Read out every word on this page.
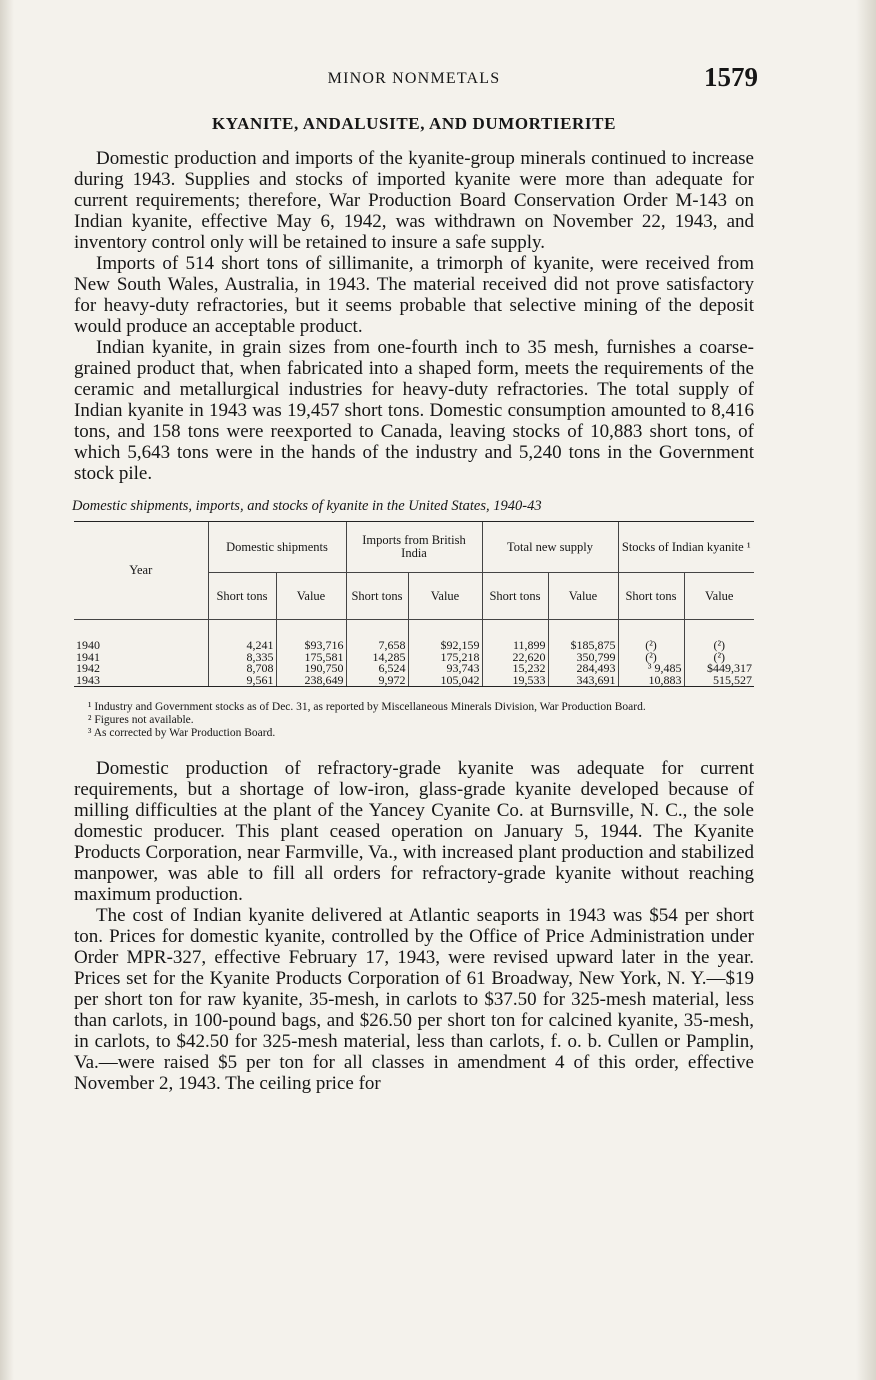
MINOR NONMETALS	1579
KYANITE, ANDALUSITE, AND DUMORTIERITE

Domestic production and imports of the kyanite-group minerals continued to increase during 1943. Supplies and stocks of imported kyanite were more than adequate for current requirements; therefore, War Production Board Conservation Order M-143 on Indian kyanite, effective May 6, 1942, was withdrawn on November 22, 1943, and inventory control only will be retained to insure a safe supply.

Imports of 514 short tons of sillimanite, a trimorph of kyanite, were received from New South Wales, Australia, in 1943. The material received did not prove satisfactory for heavy-duty refractories, but it seems probable that selective mining of the deposit would produce an acceptable product.

Indian kyanite, in grain sizes from one-fourth inch to 35 mesh, furnishes a coarse-grained product that, when fabricated into a shaped form, meets the requirements of the ceramic and metallurgical industries for heavy-duty refractories. The total supply of Indian kyanite in 1943 was 19,457 short tons. Domestic consumption amounted to 8,416 tons, and 158 tons were reexported to Canada, leaving stocks of 10,883 short tons, of which 5,643 tons were in the hands of the industry and 5,240 tons in the Government stock pile.

Domestic shipments, imports, and stocks of kyanite in the United States, 1940-43
Year	Domestic shipments		Imports from British India		Total new supply		Stocks of Indian kyanite ¹	
	Short tons	Value	Short tons	Value	Short tons	Value	Short tons	Value

1940	4,241	$93,716	7,658	$92,159	11,899	$185,875	(²)	(²)
1941	8,335	175,581	14,285	175,218	22,620	350,799	(²)	(²)
1942	8,708	190,750	6,524	93,743	15,232	284,493	³ 9,485	$449,317
1943	9,561	238,649	9,972	105,042	19,533	343,691	10,883	515,527

¹ Industry and Government stocks as of Dec. 31, as reported by Miscellaneous Minerals Division, War Production Board.

² Figures not available.

³ As corrected by War Production Board.

Domestic production of refractory-grade kyanite was adequate for current requirements, but a shortage of low-iron, glass-grade kyanite developed because of milling difficulties at the plant of the Yancey Cyanite Co. at Burnsville, N. C., the sole domestic producer. This plant ceased operation on January 5, 1944. The Kyanite Products Corporation, near Farmville, Va., with increased plant production and stabilized manpower, was able to fill all orders for refractory-grade kyanite without reaching maximum production.

The cost of Indian kyanite delivered at Atlantic seaports in 1943 was $54 per short ton. Prices for domestic kyanite, controlled by the Office of Price Administration under Order MPR-327, effective February 17, 1943, were revised upward later in the year. Prices set for the Kyanite Products Corporation of 61 Broadway, New York, N. Y.—$19 per short ton for raw kyanite, 35-mesh, in carlots to $37.50 for 325-mesh material, less than carlots, in 100-pound bags, and $26.50 per short ton for calcined kyanite, 35-mesh, in carlots, to $42.50 for 325-mesh material, less than carlots, f. o. b. Cullen or Pamplin, Va.—were raised $5 per ton for all classes in amendment 4 of this order, effective November 2, 1943. The ceiling price for
